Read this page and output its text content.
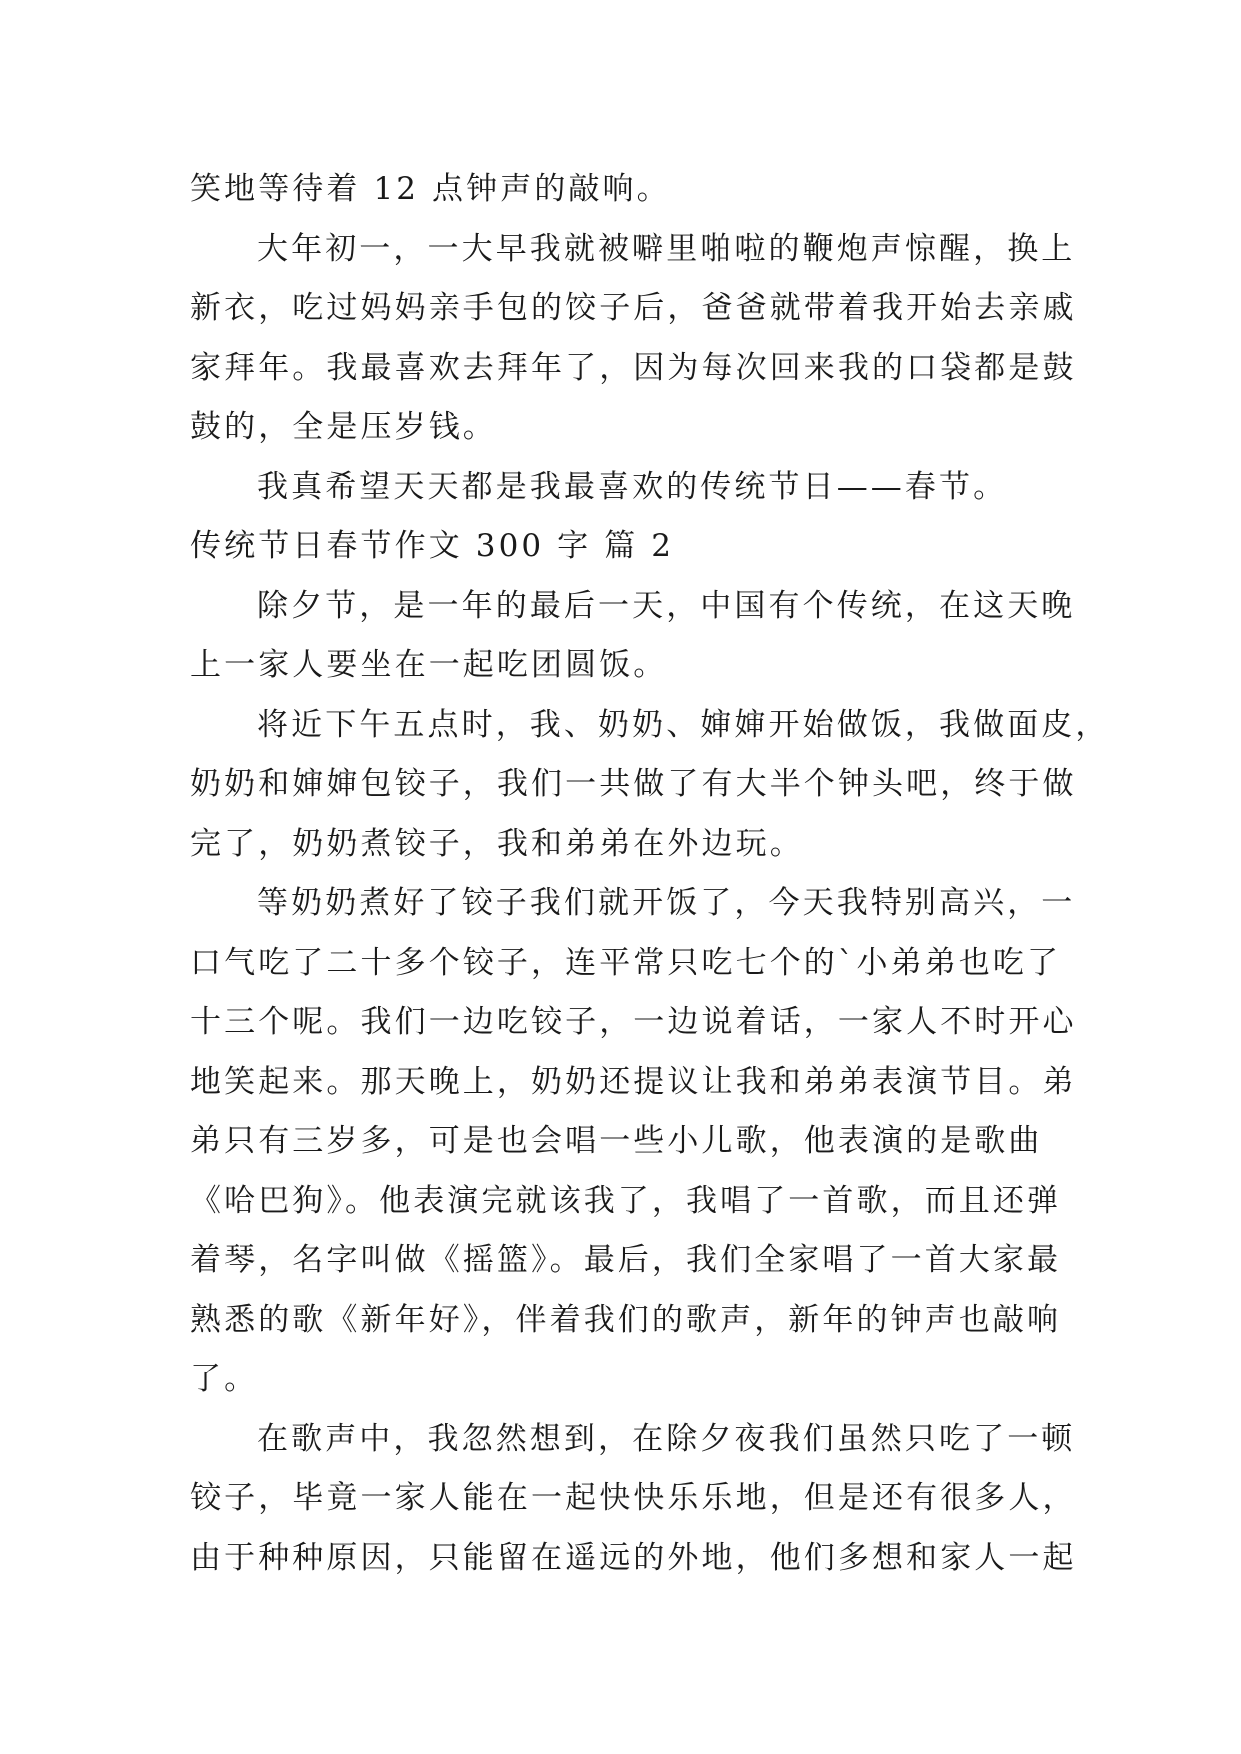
笑地等待着 12 点钟声的敲响。
大年初一，一大早我就被噼里啪啦的鞭炮声惊醒，换上
新衣，吃过妈妈亲手包的饺子后，爸爸就带着我开始去亲戚
家拜年。我最喜欢去拜年了，因为每次回来我的口袋都是鼓
鼓的，全是压岁钱。
我真希望天天都是我最喜欢的传统节日——春节。
传统节日春节作文 300 字 篇 2
除夕节，是一年的最后一天，中国有个传统，在这天晚
上一家人要坐在一起吃团圆饭。
将近下午五点时，我、奶奶、婶婶开始做饭，我做面皮，
奶奶和婶婶包铰子，我们一共做了有大半个钟头吧，终于做
完了，奶奶煮铰子，我和弟弟在外边玩。
等奶奶煮好了铰子我们就开饭了，今天我特别高兴，一
口气吃了二十多个铰子，连平常只吃七个的`小弟弟也吃了
十三个呢。我们一边吃铰子，一边说着话，一家人不时开心
地笑起来。那天晚上，奶奶还提议让我和弟弟表演节目。弟
弟只有三岁多，可是也会唱一些小儿歌，他表演的是歌曲
《哈巴狗》。他表演完就该我了，我唱了一首歌，而且还弹
着琴，名字叫做《摇篮》。最后，我们全家唱了一首大家最
熟悉的歌《新年好》，伴着我们的歌声，新年的钟声也敲响
了。
在歌声中，我忽然想到，在除夕夜我们虽然只吃了一顿
铰子，毕竟一家人能在一起快快乐乐地，但是还有很多人，
由于种种原因，只能留在遥远的外地，他们多想和家人一起
